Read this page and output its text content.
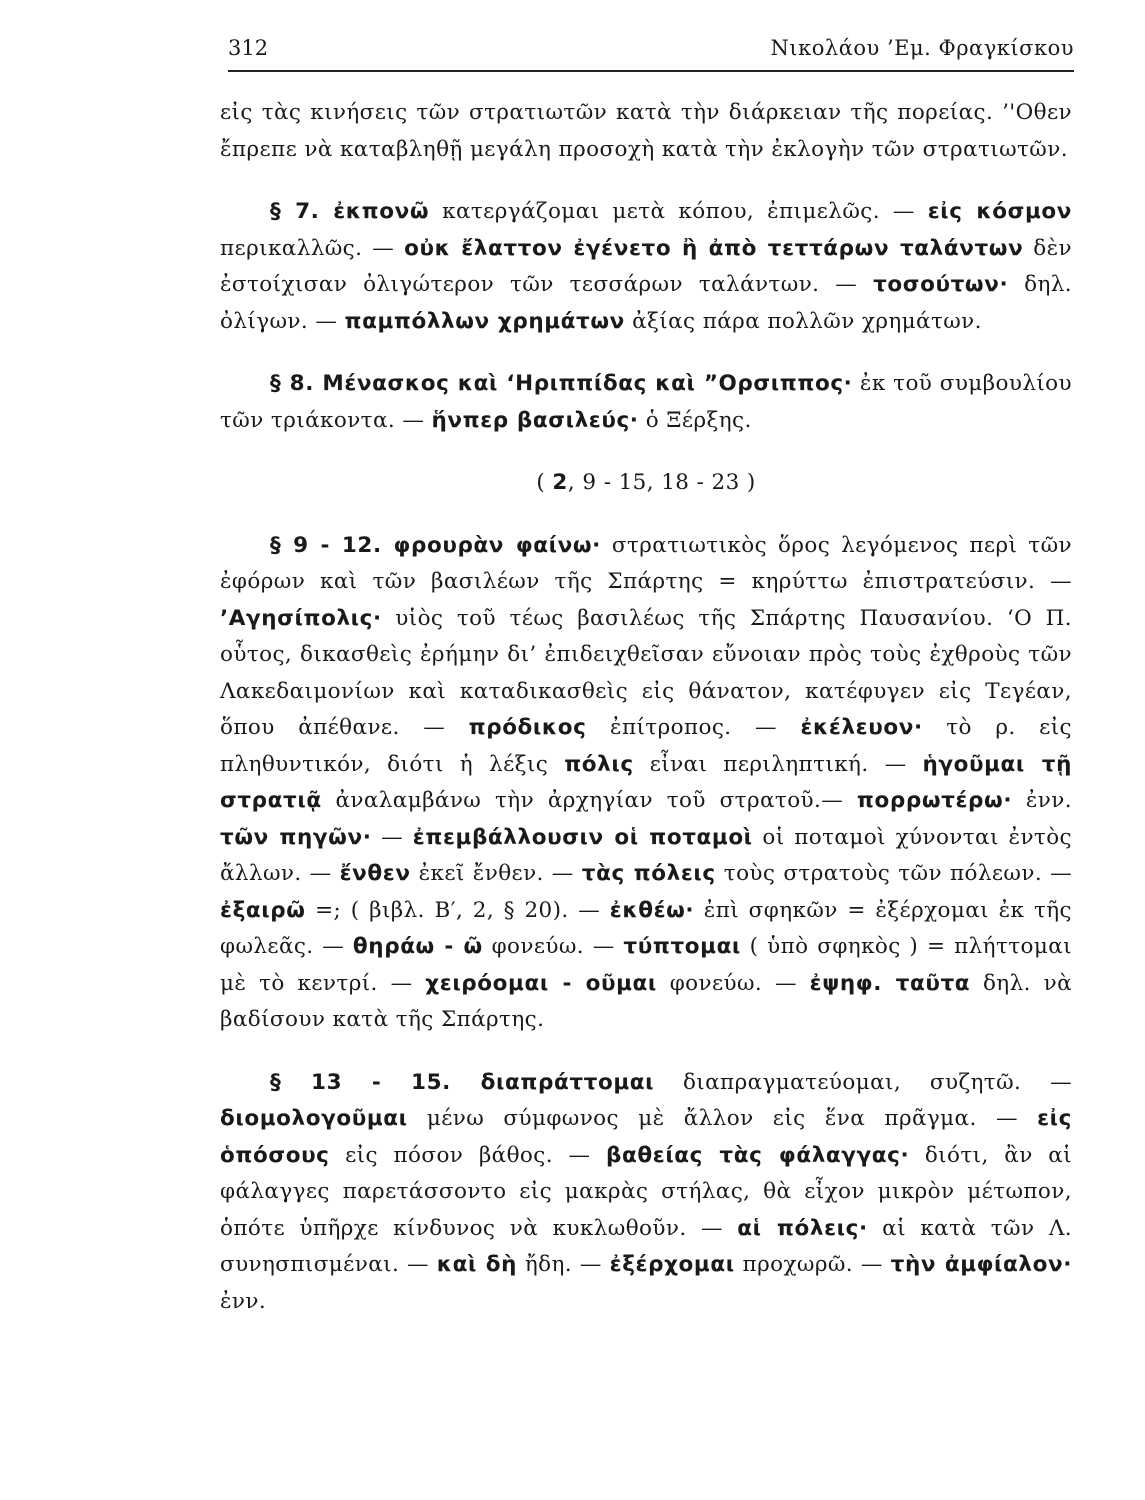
312	Νικολάου ’Εμ. Φραγκίσκου

εἰς τὰς κινήσεις τῶν στρατιωτῶν κατὰ τὴν διάρκειαν τῆς πορείας. ’'Οθεν ἔπρεπε νὰ καταβληθῇ μεγάλη προσοχὴ κατὰ τὴν ἐκλογὴν τῶν στρατιωτῶν.

§ 7. ἐκπονῶ κατεργάζομαι μετὰ κόπου, ἐπιμελῶς. — εἰς κόσμον περικαλλῶς. — οὐκ ἔλαττον ἐγένετο ἢ ἀπὸ τεττάρων ταλάντων δὲν ἐστοίχισαν ὀλιγώτερον τῶν τεσσάρων ταλάντων. — τοσούτων· δηλ. ὀλίγων. — παμπόλλων χρημάτων ἀξίας πάρα πολλῶν χρημάτων.

§ 8. Μένασκος καὶ ‘Ηριππίδας καὶ ”Ορσιππος· ἐκ τοῦ συμβουλίου τῶν τριάκοντα. — ἥνπερ βασιλεύς· ὁ Ξέρξης.

( 2, 9 - 15, 18 - 23 )

§ 9 - 12. φρουρὰν φαίνω· στρατιωτικὸς ὅρος λεγόμενος περὶ τῶν ἐφόρων καὶ τῶν βασιλέων τῆς Σπάρτης = κηρύττω ἐπιστρατεύσιν. — ’Αγησίπολις· υἱὸς τοῦ τέως βασιλέως τῆς Σπάρτης Παυσανίου. ‘Ο Π. οὗτος, δικασθεὶς ἐρήμην δι’ ἐπιδειχθεῖσαν εὔνοιαν πρὸς τοὺς ἐχθροὺς τῶν Λακεδαιμονίων καὶ καταδικασθεὶς εἰς θάνατον, κατέφυγεν εἰς Τεγέαν, ὅπου ἀπέθανε. — πρόδικος ἐπίτροπος. — ἐκέλευον· τὸ ρ. εἰς πληθυντικόν, διότι ἡ λέξις πόλις εἶναι περιληπτική. — ἡγοῦμαι τῇ στρατιᾷ ἀναλαμβάνω τὴν ἀρχηγίαν τοῦ στρατοῦ.— πορρωτέρω· ἐνν. τῶν πηγῶν· — ἐπεμβάλλουσιν οἱ ποταμοὶ οἱ ποταμοὶ χύνονται ἐντὸς ἄλλων. — ἔνθεν ἐκεῖ ἔνθεν. — τὰς πόλεις τοὺς στρατοὺς τῶν πόλεων. — ἐξαιρῶ =; ( βιβλ. Β′, 2, § 20). — ἐκθέω· ἐπὶ σφηκῶν = ἐξέρχομαι ἐκ τῆς φωλεᾶς. — θηράω - ῶ φονεύω. — τύπτομαι ( ὑπὸ σφηκὸς ) = πλήττομαι μὲ τὸ κεντρί. — χειρόομαι - οῦμαι φονεύω. — ἐψηφ. ταῦτα δηλ. νὰ βαδίσουν κατὰ τῆς Σπάρτης.

§ 13 - 15. διαπράττομαι διαπραγματεύομαι, συζητῶ. — διομολογοῦμαι μένω σύμφωνος μὲ ἄλλον εἰς ἕνα πρᾶγμα. — εἰς ὁπόσους εἰς πόσον βάθος. — βαθείας τὰς φάλαγγας· διότι, ἂν αἱ φάλαγγες παρετάσσοντο εἰς μακρὰς στήλας, θὰ εἶχον μικρὸν μέτωπον, ὁπότε ὑπῆρχε κίνδυνος νὰ κυκλωθοῦν. — αἱ πόλεις· αἱ κατὰ τῶν Λ. συνησπισμέναι. — καὶ δὴ ἤδη. — ἐξέρχομαι προχωρῶ. — τὴν ἀμφίαλον· ἐνν.
